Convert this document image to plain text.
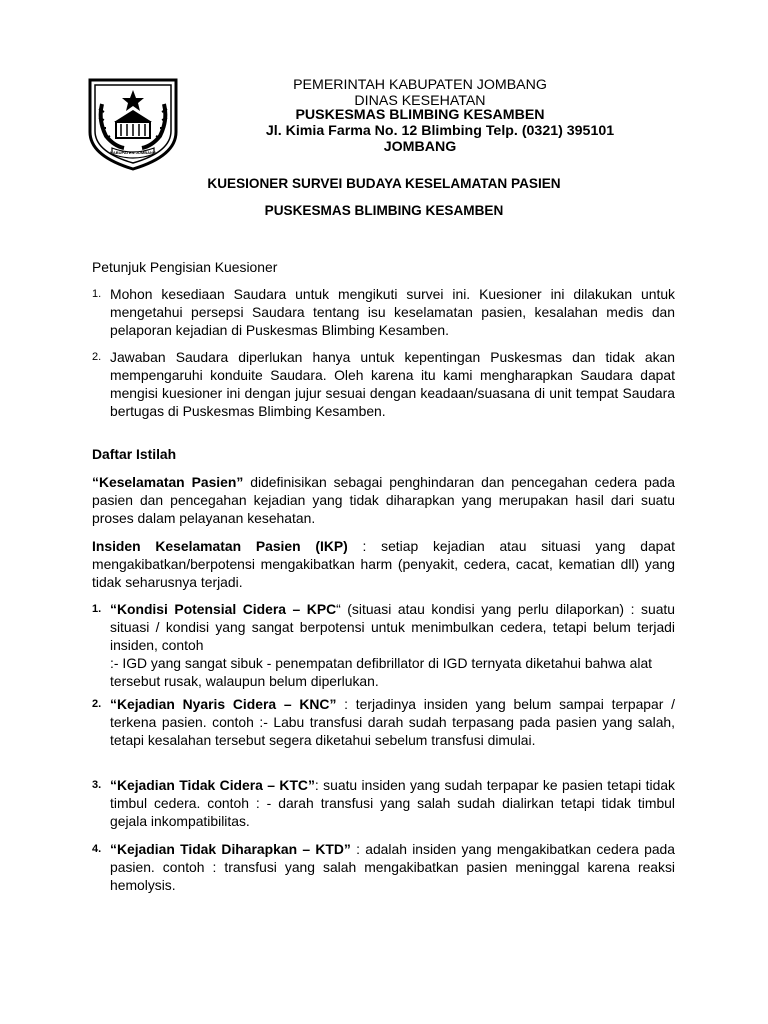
KABUPATEN JOMBANG
PEMERINTAH KABUPATEN JOMBANG
DINAS KESEHATAN
PUSKESMAS BLIMBING KESAMBEN
Jl. Kimia Farma No. 12 Blimbing Telp. (0321) 395101
JOMBANG
KUESIONER SURVEI BUDAYA KESELAMATAN PASIEN
PUSKESMAS BLIMBING KESAMBEN
Petunjuk Pengisian Kuesioner
1. Mohon kesediaan Saudara untuk mengikuti survei ini. Kuesioner ini dilakukan untuk mengetahui persepsi Saudara tentang isu keselamatan pasien, kesalahan medis dan pelaporan kejadian di Puskesmas Blimbing Kesamben.
2. Jawaban Saudara diperlukan hanya untuk kepentingan Puskesmas dan tidak akan mempengaruhi konduite Saudara. Oleh karena itu kami mengharapkan Saudara dapat mengisi kuesioner ini dengan jujur sesuai dengan keadaan/suasana di unit tempat Saudara bertugas di Puskesmas Blimbing Kesamben.
Daftar Istilah
“Keselamatan Pasien” didefinisikan sebagai penghindaran dan pencegahan cedera pada pasien dan pencegahan kejadian yang tidak diharapkan yang merupakan hasil dari suatu proses dalam pelayanan kesehatan.
Insiden Keselamatan Pasien (IKP) : setiap kejadian atau situasi yang dapat mengakibatkan/berpotensi mengakibatkan harm (penyakit, cedera, cacat, kematian dll) yang tidak seharusnya terjadi.
1. “Kondisi Potensial Cidera – KPC“ (situasi atau kondisi yang perlu dilaporkan) : suatu situasi / kondisi yang sangat berpotensi untuk menimbulkan cedera, tetapi belum terjadi insiden, contoh
:- IGD yang sangat sibuk - penempatan defibrillator di IGD ternyata diketahui bahwa alat tersebut rusak, walaupun belum diperlukan.
2. “Kejadian Nyaris Cidera – KNC” : terjadinya insiden yang belum sampai terpapar / terkena pasien. contoh :- Labu transfusi darah sudah terpasang pada pasien yang salah, tetapi kesalahan tersebut segera diketahui sebelum transfusi dimulai.
3. “Kejadian Tidak Cidera – KTC”: suatu insiden yang sudah terpapar ke pasien tetapi tidak timbul cedera. contoh : - darah transfusi yang salah sudah dialirkan tetapi tidak timbul gejala inkompatibilitas.
4. “Kejadian Tidak Diharapkan – KTD” : adalah insiden yang mengakibatkan cedera pada pasien. contoh : transfusi yang salah mengakibatkan pasien meninggal karena reaksi hemolysis.
